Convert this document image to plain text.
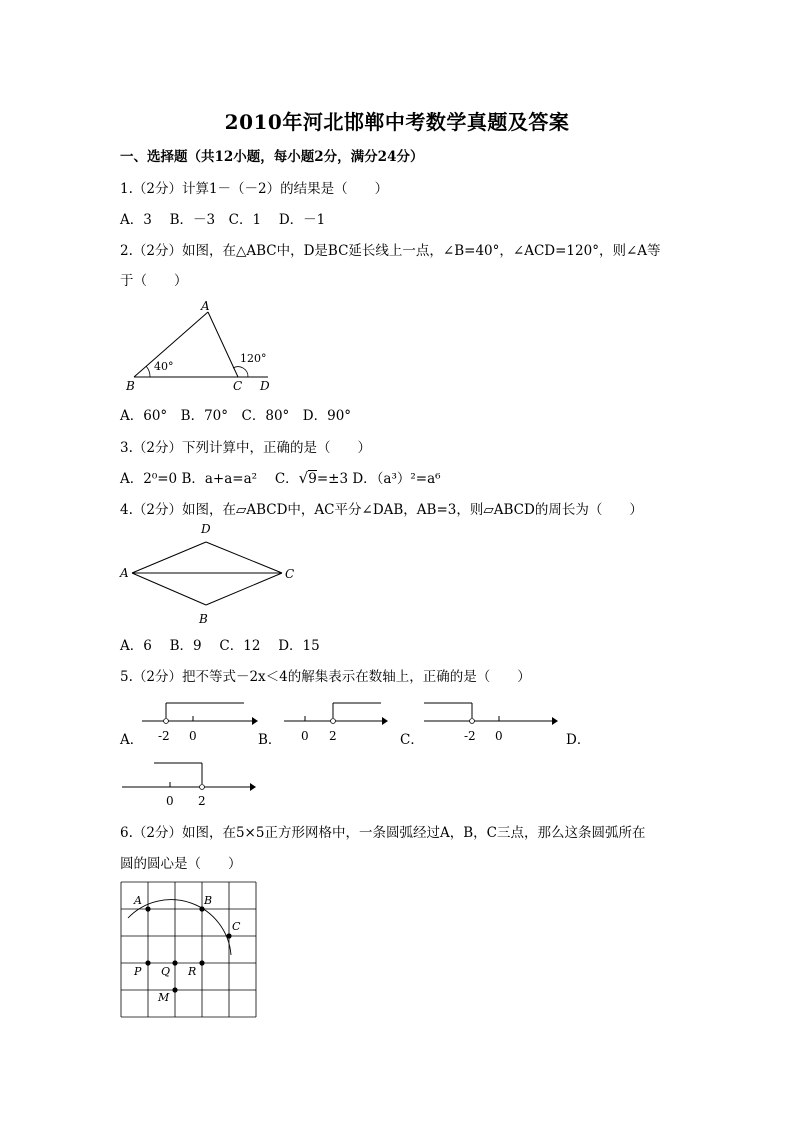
2010年河北邯郸中考数学真题及答案
一、选择题（共12小题，每小题2分，满分24分）
1.（2分）计算1－（－2）的结果是（　　）
A．3　 B．－3　C．1　 D．－1
2.（2分）如图，在△ABC中，D是BC延长线上一点，∠B=40°，∠ACD=120°，则∠A等
于（　　）
A
B	C D
40°
120°
A．60°　B．70°　C．80°　D．90°
3.（2分）下列计算中，正确的是（　　）
A．2⁰=0 B．a+a=a²　 C．√9=±3 D．（a³）²=a⁶
4.（2分）如图，在▱ABCD中，AC平分∠DAB，AB=3，则▱ABCD的周长为（　　）
D
A	C
B
A．6　 B．9　 C．12　 D．15
5.（2分）把不等式－2x＜4的解集表示在数轴上，正确的是（　　）
A． -2 0	B． 0 2	C．	-2 0	D．
0 2
6.（2分）如图，在5×5正方形网格中，一条圆弧经过A，B，C三点，那么这条圆弧所在
圆的圆心是（　　）
A	B
C
P Q R
M
